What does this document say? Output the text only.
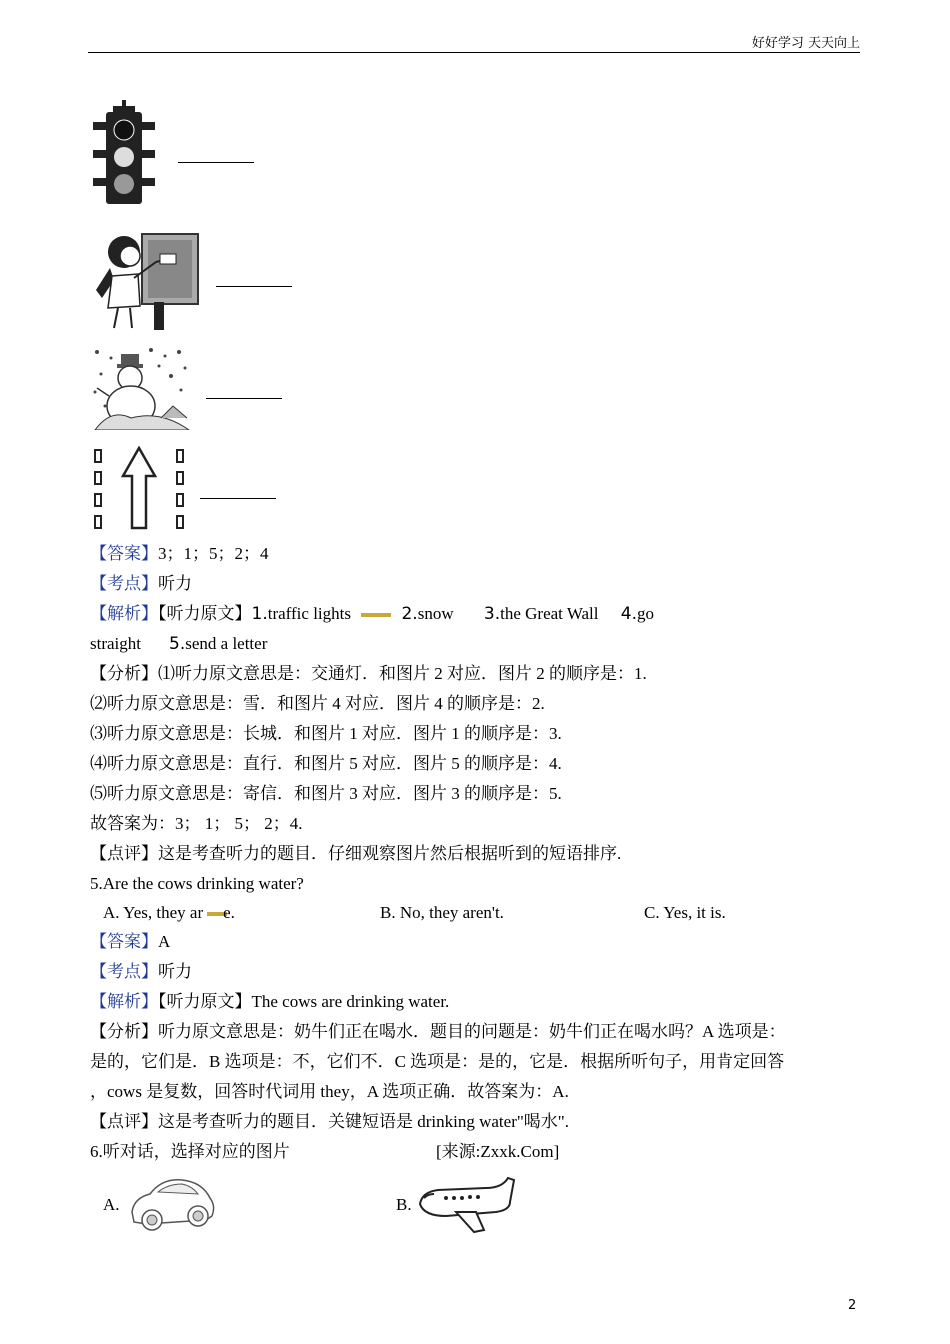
好好学习 天天向上
【答案】3；1；5；2；4
【考点】听力
【解析】【听力原文】1.traffic lights	2.snow 3.the Great Wall 4.go
straight 5.send a letter
【分析】⑴听力原文意思是：交通灯．和图片 2 对应．图片 2 的顺序是：1.
⑵听力原文意思是：雪．和图片 4 对应．图片 4 的顺序是：2.
⑶听力原文意思是：长城．和图片 1 对应．图片 1 的顺序是：3.
⑷听力原文意思是：直行．和图片 5 对应．图片 5 的顺序是：4.
⑸听力原文意思是：寄信．和图片 3 对应．图片 3 的顺序是：5.
故答案为：3； 1； 5； 2；4.
【点评】这是考查听力的题目．仔细观察图片然后根据听到的短语排序.
5.Are the cows drinking water?
A. Yes, they ar e.	B. No, they aren't.	C. Yes, it is.
【答案】A
【考点】听力
【解析】【听力原文】The cows are drinking water.
【分析】听力原文意思是：奶牛们正在喝水．题目的问题是：奶牛们正在喝水吗？A 选项是：
是的，它们是．B 选项是：不，它们不．C 选项是：是的，它是．根据所听句子，用肯定回答
，cows 是复数，回答时代词用 they，A 选项正确．故答案为：A.
【点评】这是考查听力的题目．关键短语是 drinking water"喝水".
6.听对话，选择对应的图片	[来源:Zxxk.Com]
A.	B.
2
